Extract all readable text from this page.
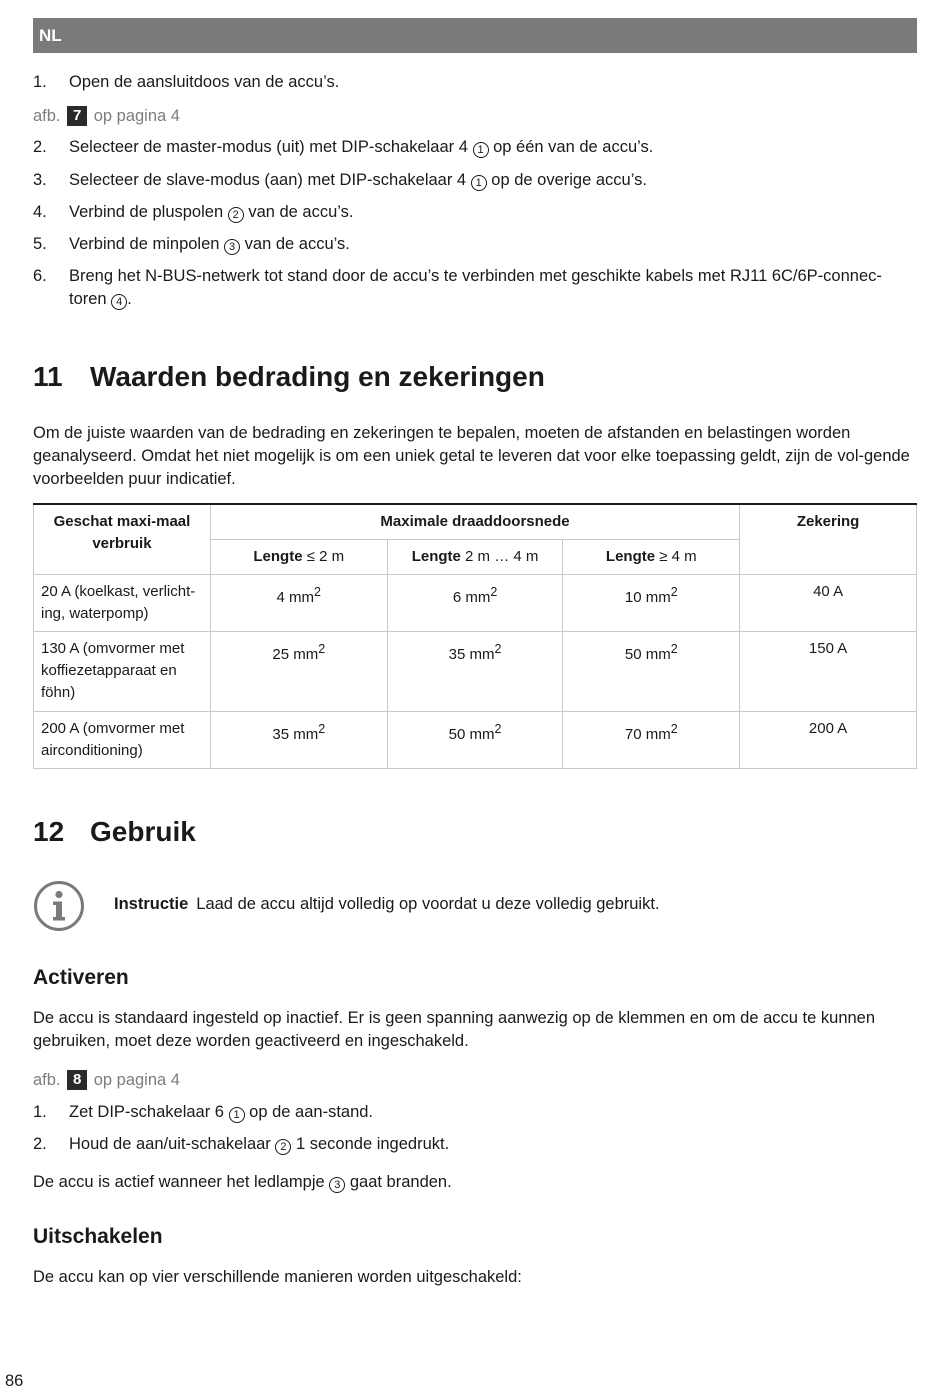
NL
1. Open de aansluitdoos van de accu’s.
afb. 7 op pagina 4
2. Selecteer de master-modus (uit) met DIP-schakelaar 4 1 op één van de accu’s.
3. Selecteer de slave-modus (aan) met DIP-schakelaar 4 1 op de overige accu’s.
4. Verbind de pluspolen 2 van de accu’s.
5. Verbind de minpolen 3 van de accu’s.
6. Breng het N-BUS-netwerk tot stand door de accu’s te verbinden met geschikte kabels met RJ11 6C/6P-connec-
toren 4 .
11 Waarden bedrading en zekeringen
Om de juiste waarden van de bedrading en zekeringen te bepalen, moeten de afstanden en belastingen worden geanalyseerd. Omdat het niet mogelijk is om een uniek getal te leveren dat voor elke toepassing geldt, zijn de vol-gende voorbeelden puur indicatief.
Geschat maxi-maal verbruik	Maximale draaddoorsnede			Zekering
	Lengte ≤ 2 m	Lengte 2 m … 4 m	Lengte ≥ 4 m	
20 A (koelkast, verlicht-ing, waterpomp)	4 $mm^2$	6 $mm^2$	10 $mm^2$	40 A
130 A (omvormer met koffiezetapparaat en föhn)	25 $mm^2$	35 $mm^2$	50 $mm^2$	150 A
200 A (omvormer met airconditioning)	35 $mm^2$	50 $mm^2$	70 $mm^2$	200 A
12 Gebruik
Instructie Laad de accu altijd volledig op voordat u deze volledig gebruikt.
Activeren
De accu is standaard ingesteld op inactief. Er is geen spanning aanwezig op de klemmen en om de accu te kunnen gebruiken, moet deze worden geactiveerd en ingeschakeld.
afb. 8 op pagina 4
1. Zet DIP-schakelaar 6 1 op de aan-stand.
2. Houd de aan/uit-schakelaar 2 1 seconde ingedrukt.
De accu is actief wanneer het ledlampje 3 gaat branden.
Uitschakelen
De accu kan op vier verschillende manieren worden uitgeschakeld:
86
